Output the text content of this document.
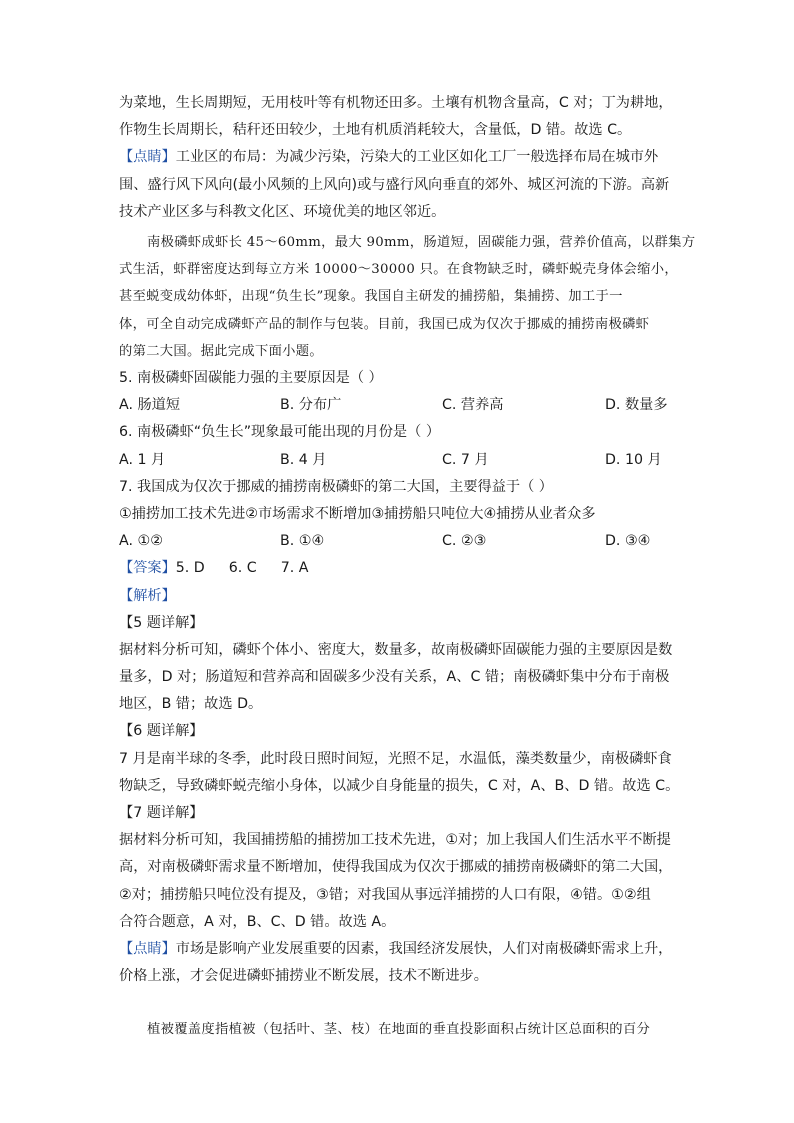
为菜地，生长周期短，无用枝叶等有机物还田多。土壤有机物含量高，C 对；丁为耕地，
作物生长周期长，秸秆还田较少，土地有机质消耗较大，含量低，D 错。故选 C。
【点睛】工业区的布局：为减少污染，污染大的工业区如化工厂一般选择布局在城市外
围、盛行风下风向(最小风频的上风向)或与盛行风向垂直的郊外、城区河流的下游。高新
技术产业区多与科教文化区、环境优美的地区邻近。
南极磷虾成虾长 45～60mm，最大 90mm，肠道短，固碳能力强，营养价值高，以群集方
式生活，虾群密度达到每立方米 10000～30000 只。在食物缺乏时，磷虾蜕壳身体会缩小，
甚至蜕变成幼体虾，出现“负生长”现象。我国自主研发的捕捞船，集捕捞、加工于一
体，可全自动完成磷虾产品的制作与包装。目前，我国已成为仅次于挪威的捕捞南极磷虾
的第二大国。据此完成下面小题。
5. 南极磷虾固碳能力强的主要原因是（ ）
A. 肠道短	B. 分布广	C. 营养高	D. 数量多
6. 南极磷虾“负生长”现象最可能出现的月份是（ ）
A. 1 月	B. 4 月	C. 7 月	D. 10 月
7. 我国成为仅次于挪威的捕捞南极磷虾的第二大国，主要得益于（ ）
①捕捞加工技术先进②市场需求不断增加③捕捞船只吨位大④捕捞从业者众多
A. ①②	B. ①④	C. ②③	D. ③④
【答案】5. D 6. C 7. A
【解析】
【5 题详解】
据材料分析可知，磷虾个体小、密度大，数量多，故南极磷虾固碳能力强的主要原因是数
量多，D 对；肠道短和营养高和固碳多少没有关系，A、C 错；南极磷虾集中分布于南极
地区，B 错；故选 D。
【6 题详解】
7 月是南半球的冬季，此时段日照时间短，光照不足，水温低，藻类数量少，南极磷虾食
物缺乏，导致磷虾蜕壳缩小身体，以减少自身能量的损失，C 对，A、B、D 错。故选 C。
【7 题详解】
据材料分析可知，我国捕捞船的捕捞加工技术先进，①对；加上我国人们生活水平不断提
高，对南极磷虾需求量不断增加，使得我国成为仅次于挪威的捕捞南极磷虾的第二大国，
②对；捕捞船只吨位没有提及，③错；对我国从事远洋捕捞的人口有限，④错。①②组
合符合题意，A 对，B、C、D 错。故选 A。
【点睛】市场是影响产业发展重要的因素，我国经济发展快，人们对南极磷虾需求上升，
价格上涨，才会促进磷虾捕捞业不断发展，技术不断进步。
植被覆盖度指植被（包括叶、茎、枝）在地面的垂直投影面积占统计区总面积的百分
